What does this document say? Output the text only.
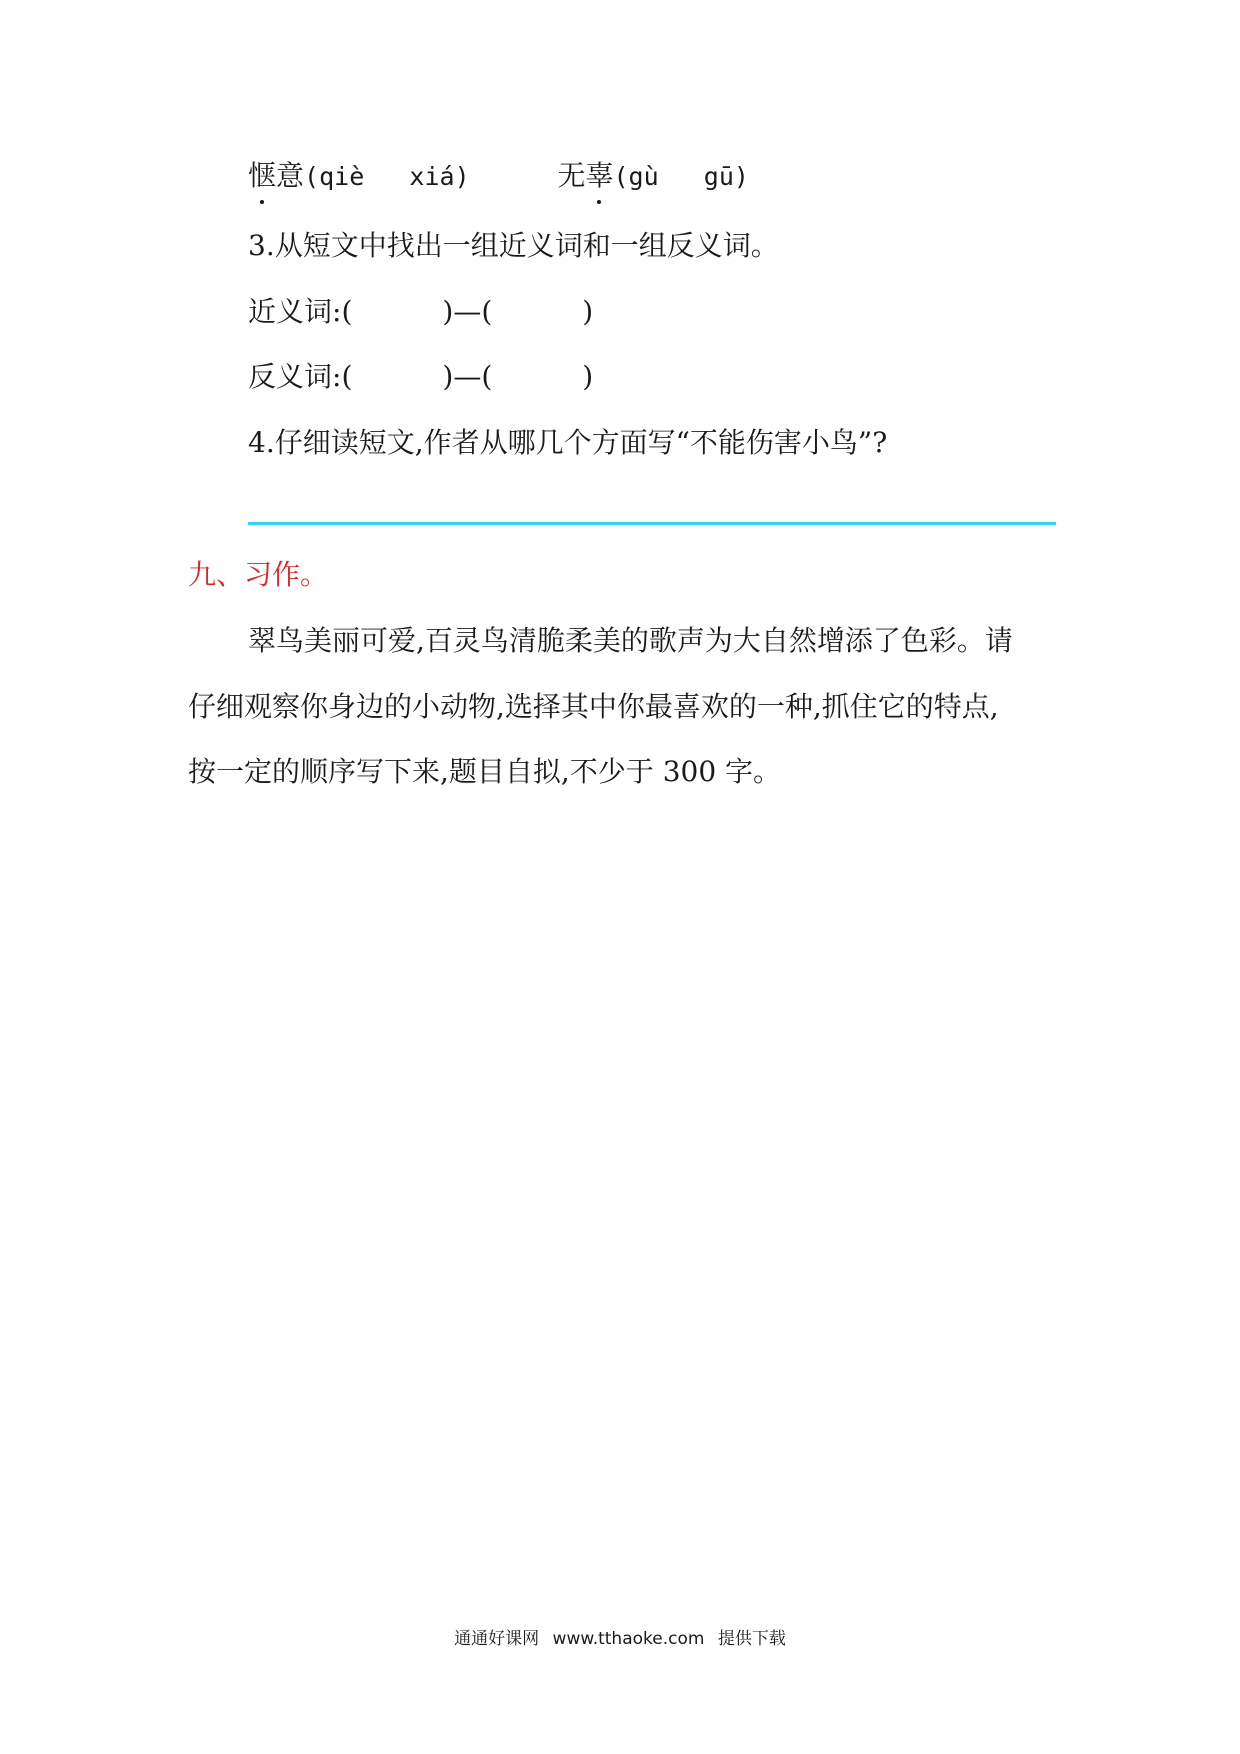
惬意(qiè xiá)	无辜(gù gū)
3.从短文中找出一组近义词和一组反义词。
近义词:(	)—(	)
反义词:(	)—(	)
4.仔细读短文,作者从哪几个方面写“不能伤害小鸟”?
九、习作。
翠鸟美丽可爱,百灵鸟清脆柔美的歌声为大自然增添了色彩。请
仔细观察你身边的小动物,选择其中你最喜欢的一种,抓住它的特点,
按一定的顺序写下来,题目自拟,不少于 300 字。
通通好课网 www.tthaoke.com 提供下载
